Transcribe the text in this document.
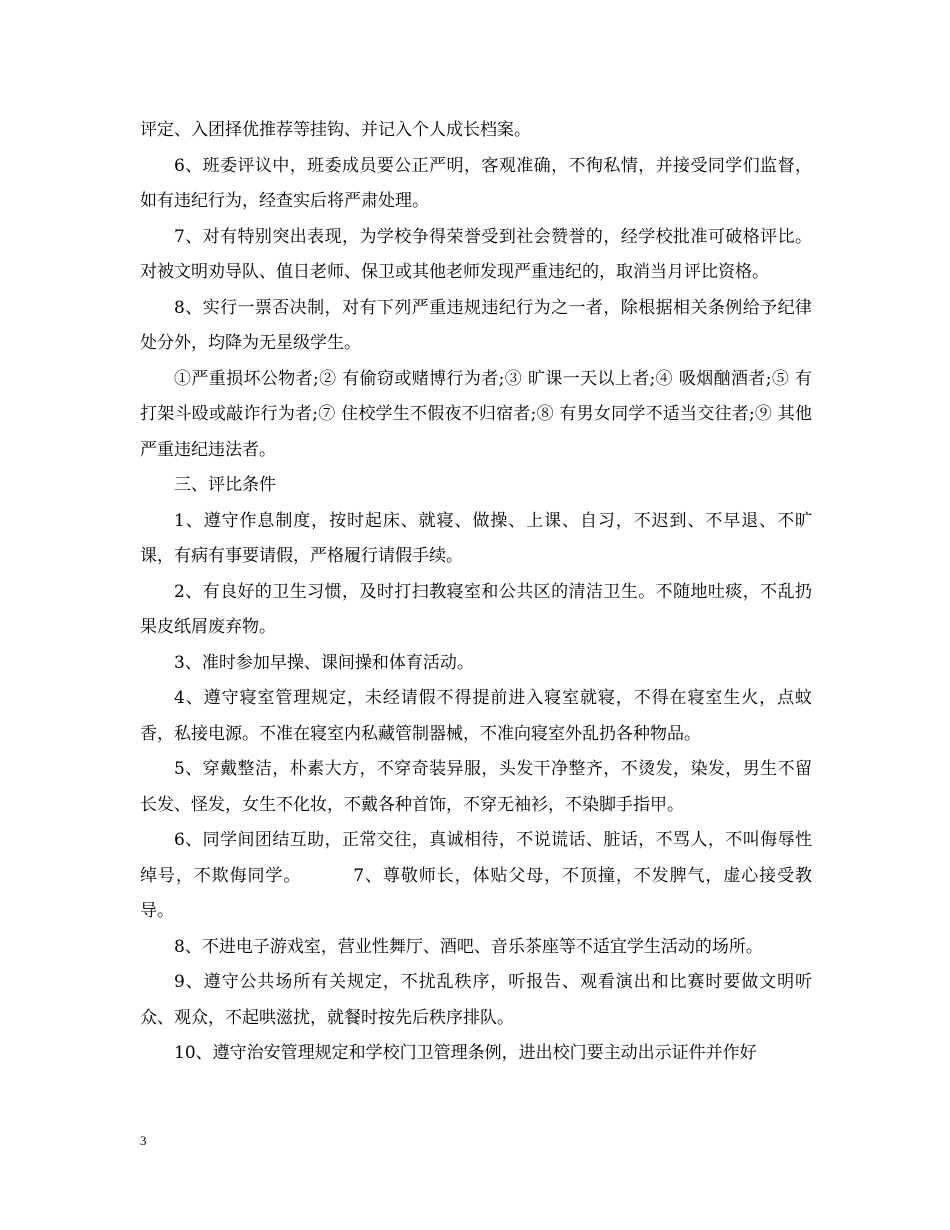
评定、入团择优推荐等挂钩、并记入个人成长档案。

6、班委评议中，班委成员要公正严明，客观准确，不徇私情，并接受同学们监督，如有违纪行为，经查实后将严肃处理。

7、对有特别突出表现，为学校争得荣誉受到社会赞誉的，经学校批准可破格评比。对被文明劝导队、值日老师、保卫或其他老师发现严重违纪的，取消当月评比资格。

8、实行一票否决制，对有下列严重违规违纪行为之一者，除根据相关条例给予纪律处分外，均降为无星级学生。

①严重损坏公物者;② 有偷窃或赌博行为者;③ 旷课一天以上者;④ 吸烟酗酒者;⑤ 有打架斗殴或敲诈行为者;⑦ 住校学生不假夜不归宿者;⑧ 有男女同学不适当交往者;⑨ 其他严重违纪违法者。

三、评比条件

1、遵守作息制度，按时起床、就寝、做操、上课、自习，不迟到、不早退、不旷课，有病有事要请假，严格履行请假手续。

2、有良好的卫生习惯，及时打扫教寝室和公共区的清洁卫生。不随地吐痰，不乱扔果皮纸屑废弃物。

3、准时参加早操、课间操和体育活动。

4、遵守寝室管理规定，未经请假不得提前进入寝室就寝，不得在寝室生火，点蚊香，私接电源。不准在寝室内私藏管制器械，不准向寝室外乱扔各种物品。

5、穿戴整洁，朴素大方，不穿奇装异服，头发干净整齐，不烫发，染发，男生不留长发、怪发，女生不化妆，不戴各种首饰，不穿无袖衫，不染脚手指甲。

6、同学间团结互助，正常交往，真诚相待，不说谎话、脏话，不骂人，不叫侮辱性绰号，不欺侮同学。	7、尊敬师长，体贴父母，不顶撞，不发脾气，虚心接受教导。

8、不进电子游戏室，营业性舞厅、酒吧、音乐茶座等不适宜学生活动的场所。

9、遵守公共场所有关规定，不扰乱秩序，听报告、观看演出和比赛时要做文明听众、观众，不起哄滋扰，就餐时按先后秩序排队。

10、遵守治安管理规定和学校门卫管理条例，进出校门要主动出示证件并作好

3
